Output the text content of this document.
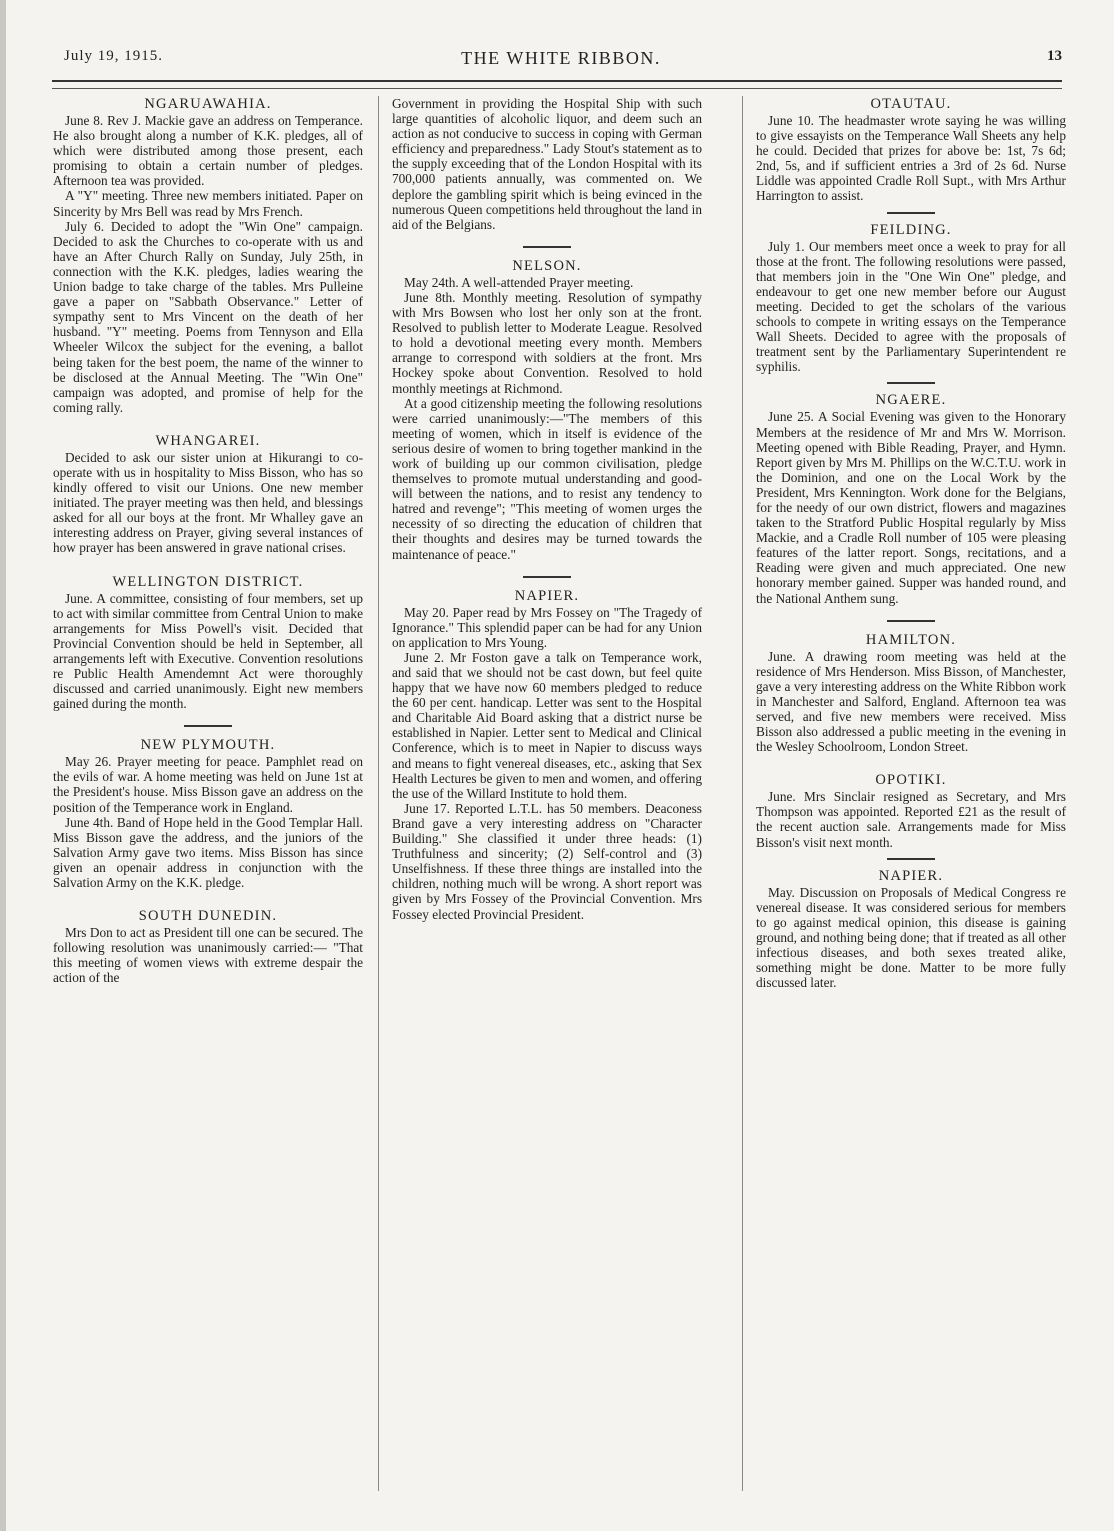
July 19, 1915.	THE WHITE RIBBON.	13
NGARUAWAHIA.

June 8. Rev J. Mackie gave an address on Temperance. He also brought along a number of K.K. pledges, all of which were distributed among those present, each promising to obtain a certain number of pledges. Afternoon tea was provided.

A "Y" meeting. Three new members initiated. Paper on Sincerity by Mrs Bell was read by Mrs French.

July 6. Decided to adopt the "Win One" campaign. Decided to ask the Churches to co-operate with us and have an After Church Rally on Sunday, July 25th, in connection with the K.K. pledges, ladies wearing the Union badge to take charge of the tables. Mrs Pulleine gave a paper on "Sabbath Observance." Letter of sympathy sent to Mrs Vincent on the death of her husband. "Y" meeting. Poems from Tennyson and Ella Wheeler Wilcox the subject for the evening, a ballot being taken for the best poem, the name of the winner to be disclosed at the Annual Meeting. The "Win One" campaign was adopted, and promise of help for the coming rally.

WHANGAREI.

Decided to ask our sister union at Hikurangi to co-operate with us in hospitality to Miss Bisson, who has so kindly offered to visit our Unions. One new member initiated. The prayer meeting was then held, and blessings asked for all our boys at the front. Mr Whalley gave an interesting address on Prayer, giving several instances of how prayer has been answered in grave national crises.

WELLINGTON DISTRICT.

June. A committee, consisting of four members, set up to act with similar committee from Central Union to make arrangements for Miss Powell's visit. Decided that Provincial Convention should be held in September, all arrangements left with Executive. Convention resolutions re Public Health Amendemnt Act were thoroughly discussed and carried unanimously. Eight new members gained during the month.

NEW PLYMOUTH.

May 26. Prayer meeting for peace. Pamphlet read on the evils of war. A home meeting was held on June 1st at the President's house. Miss Bisson gave an address on the position of the Temperance work in England.

June 4th. Band of Hope held in the Good Templar Hall. Miss Bisson gave the address, and the juniors of the Salvation Army gave two items. Miss Bisson has since given an openair address in conjunction with the Salvation Army on the K.K. pledge.

SOUTH DUNEDIN.

Mrs Don to act as President till one can be secured. The following resolution was unanimously carried:— "That this meeting of women views with extreme despair the action of the

Government in providing the Hospital Ship with such large quantities of alcoholic liquor, and deem such an action as not conducive to success in coping with German efficiency and preparedness." Lady Stout's statement as to the supply exceeding that of the London Hospital with its 700,000 patients annually, was commented on. We deplore the gambling spirit which is being evinced in the numerous Queen competitions held throughout the land in aid of the Belgians.

NELSON.

May 24th. A well-attended Prayer meeting.

June 8th. Monthly meeting. Resolution of sympathy with Mrs Bowsen who lost her only son at the front. Resolved to publish letter to Moderate League. Resolved to hold a devotional meeting every month. Members arrange to correspond with soldiers at the front. Mrs Hockey spoke about Convention. Resolved to hold monthly meetings at Richmond.

At a good citizenship meeting the following resolutions were carried unanimously:—"The members of this meeting of women, which in itself is evidence of the serious desire of women to bring together mankind in the work of building up our common civilisation, pledge themselves to promote mutual understanding and good-will between the nations, and to resist any tendency to hatred and revenge"; "This meeting of women urges the necessity of so directing the education of children that their thoughts and desires may be turned towards the maintenance of peace."

NAPIER.

May 20. Paper read by Mrs Fossey on "The Tragedy of Ignorance." This splendid paper can be had for any Union on application to Mrs Young.

June 2. Mr Foston gave a talk on Temperance work, and said that we should not be cast down, but feel quite happy that we have now 60 members pledged to reduce the 60 per cent. handicap. Letter was sent to the Hospital and Charitable Aid Board asking that a district nurse be established in Napier. Letter sent to Medical and Clinical Conference, which is to meet in Napier to discuss ways and means to fight venereal diseases, etc., asking that Sex Health Lectures be given to men and women, and offering the use of the Willard Institute to hold them.

June 17. Reported L.T.L. has 50 members. Deaconess Brand gave a very interesting address on "Character Building." She classified it under three heads: (1) Truthfulness and sincerity; (2) Self-control and (3) Unselfishness. If these three things are installed into the children, nothing much will be wrong. A short report was given by Mrs Fossey of the Provincial Convention. Mrs Fossey elected Provincial President.

OTAUTAU.

June 10. The headmaster wrote saying he was willing to give essayists on the Temperance Wall Sheets any help he could. Decided that prizes for above be: 1st, 7s 6d; 2nd, 5s, and if sufficient entries a 3rd of 2s 6d. Nurse Liddle was appointed Cradle Roll Supt., with Mrs Arthur Harrington to assist.

FEILDING.

July 1. Our members meet once a week to pray for all those at the front. The following resolutions were passed, that members join in the "One Win One" pledge, and endeavour to get one new member before our August meeting. Decided to get the scholars of the various schools to compete in writing essays on the Temperance Wall Sheets. Decided to agree with the proposals of treatment sent by the Parliamentary Superintendent re syphilis.

NGAERE.

June 25. A Social Evening was given to the Honorary Members at the residence of Mr and Mrs W. Morrison. Meeting opened with Bible Reading, Prayer, and Hymn. Report given by Mrs M. Phillips on the W.C.T.U. work in the Dominion, and one on the Local Work by the President, Mrs Kennington. Work done for the Belgians, for the needy of our own district, flowers and magazines taken to the Stratford Public Hospital regularly by Miss Mackie, and a Cradle Roll number of 105 were pleasing features of the latter report. Songs, recitations, and a Reading were given and much appreciated. One new honorary member gained. Supper was handed round, and the National Anthem sung.

HAMILTON.

June. A drawing room meeting was held at the residence of Mrs Henderson. Miss Bisson, of Manchester, gave a very interesting address on the White Ribbon work in Manchester and Salford, England. Afternoon tea was served, and five new members were received. Miss Bisson also addressed a public meeting in the evening in the Wesley Schoolroom, London Street.

OPOTIKI.

June. Mrs Sinclair resigned as Secretary, and Mrs Thompson was appointed. Reported £21 as the result of the recent auction sale. Arrangements made for Miss Bisson's visit next month.

NAPIER.

May. Discussion on Proposals of Medical Congress re venereal disease. It was considered serious for members to go against medical opinion, this disease is gaining ground, and nothing being done; that if treated as all other infectious diseases, and both sexes treated alike, something might be done. Matter to be more fully discussed later.
